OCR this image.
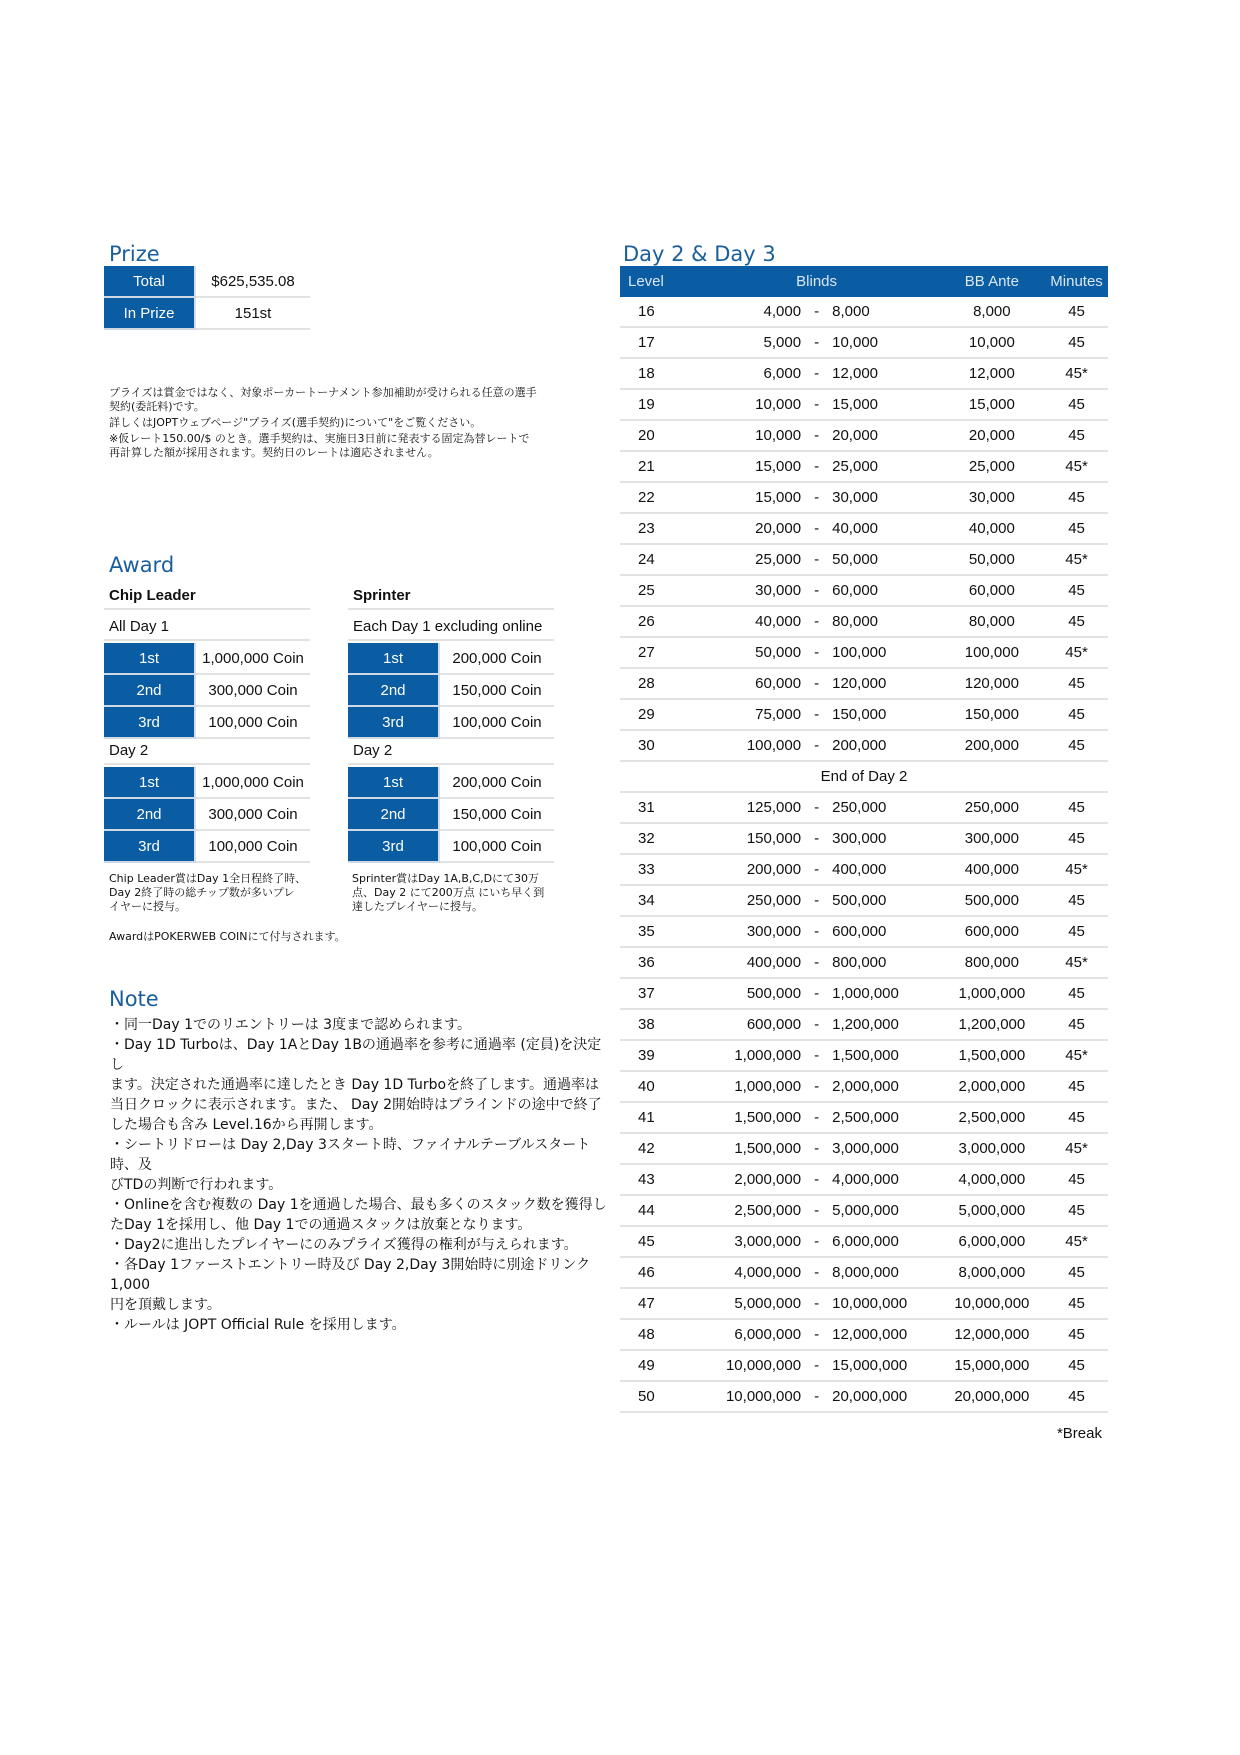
Prize
Total	$625,535.08
In Prize	151st
プライズは賞金ではなく、対象ポーカートーナメント参加補助が受けられる任意の選手
契約(委託料)です。
詳しくはJOPTウェブページ"プライズ(選手契約)について"をご覧ください。
※仮レート150.00/$ のとき。選手契約は、実施日3日前に発表する固定為替レートで
再計算した額が採用されます。契約日のレートは適応されません。
Award
Chip Leader
All Day 1
1st	1,000,000 Coin
2nd	300,000 Coin
3rd	100,000 Coin
Day 2
1st	1,000,000 Coin
2nd	300,000 Coin
3rd	100,000 Coin
Chip Leader賞はDay 1全日程終了時、
Day 2終了時の総チップ数が多いプレ
イヤーに授与。
Sprinter
Each Day 1 excluding online
1st	200,000 Coin
2nd	150,000 Coin
3rd	100,000 Coin
Day 2
1st	200,000 Coin
2nd	150,000 Coin
3rd	100,000 Coin
Sprinter賞はDay 1A,B,C,Dにて30万
点、Day 2 にて200万点 にいち早く到
達したプレイヤーに授与。
AwardはPOKERWEB COINにて付与されます。
Note
・同一Day 1でのリエントリーは 3度まで認められます。
・Day 1D Turboは、Day 1AとDay 1Bの通過率を参考に通過率 (定員)を決定し
ます。決定された通過率に達したとき Day 1D Turboを終了します。通過率は
当日クロックに表示されます。また、 Day 2開始時はブラインドの途中で終了
した場合も含み Level.16から再開します。
・シートリドローは Day 2,Day 3スタート時、ファイナルテーブルスタート時、及
びTDの判断で行われます。
・Onlineを含む複数の Day 1を通過した場合、最も多くのスタック数を獲得し
たDay 1を採用し、他 Day 1での通過スタックは放棄となります。
・Day2に進出したプレイヤーにのみプライズ獲得の権利が与えられます。
・各Day 1ファーストエントリー時及び Day 2,Day 3開始時に別途ドリンク 1,000
円を頂戴します。
・ルールは JOPT Official Rule を採用します。
Day 2 & Day 3
Level	Blinds			BB Ante	Minutes
16	4,000	-	8,000	8,000	45
17	5,000	-	10,000	10,000	45
18	6,000	-	12,000	12,000	45*
19	10,000	-	15,000	15,000	45
20	10,000	-	20,000	20,000	45
21	15,000	-	25,000	25,000	45*
22	15,000	-	30,000	30,000	45
23	20,000	-	40,000	40,000	45
24	25,000	-	50,000	50,000	45*
25	30,000	-	60,000	60,000	45
26	40,000	-	80,000	80,000	45
27	50,000	-	100,000	100,000	45*
28	60,000	-	120,000	120,000	45
29	75,000	-	150,000	150,000	45
30	100,000	-	200,000	200,000	45
End of Day 2					
31	125,000	-	250,000	250,000	45
32	150,000	-	300,000	300,000	45
33	200,000	-	400,000	400,000	45*
34	250,000	-	500,000	500,000	45
35	300,000	-	600,000	600,000	45
36	400,000	-	800,000	800,000	45*
37	500,000	-	1,000,000	1,000,000	45
38	600,000	-	1,200,000	1,200,000	45
39	1,000,000	-	1,500,000	1,500,000	45*
40	1,000,000	-	2,000,000	2,000,000	45
41	1,500,000	-	2,500,000	2,500,000	45
42	1,500,000	-	3,000,000	3,000,000	45*
43	2,000,000	-	4,000,000	4,000,000	45
44	2,500,000	-	5,000,000	5,000,000	45
45	3,000,000	-	6,000,000	6,000,000	45*
46	4,000,000	-	8,000,000	8,000,000	45
47	5,000,000	-	10,000,000	10,000,000	45
48	6,000,000	-	12,000,000	12,000,000	45
49	10,000,000	-	15,000,000	15,000,000	45
50	10,000,000	-	20,000,000	20,000,000	45
*Break
